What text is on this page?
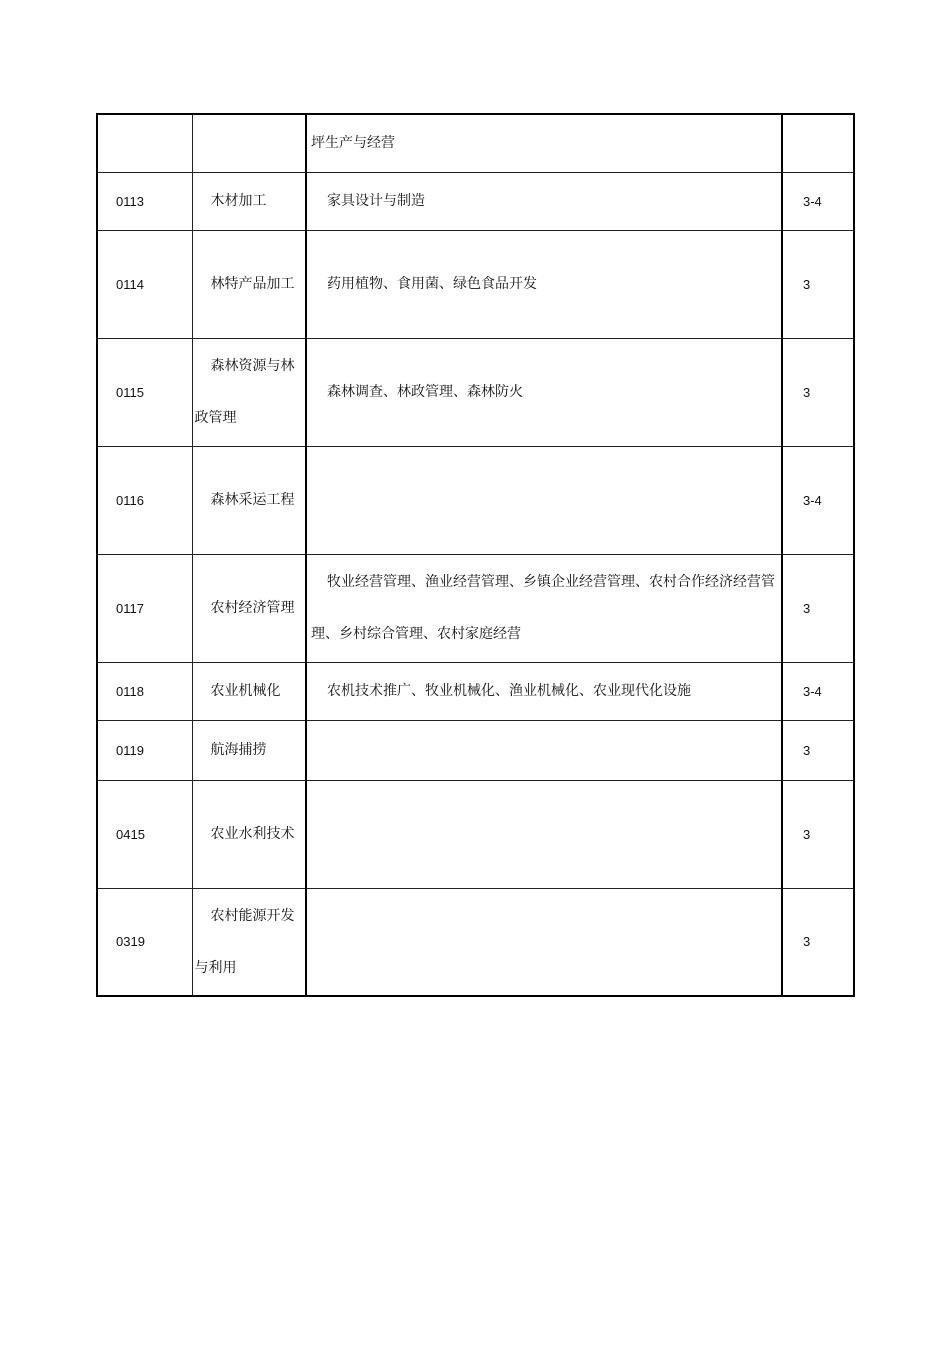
		坪生产与经营	

0113	木材加工	家具设计与制造	3-4
0114	林特产品加工	药用植物、食用菌、绿色食品开发	3
0115	森林资源与林政管理	森林调查、林政管理、森林防火	3
0116	森林采运工程		3-4
0117	农村经济管理	牧业经营管理、渔业经营管理、乡镇企业经营管理、农村合作经济经营管理、乡村综合管理、农村家庭经营	3
0118	农业机械化	农机技术推广、牧业机械化、渔业机械化、农业现代化设施	3-4
0119	航海捕捞		3
0415	农业水利技术		3
0319	农村能源开发与利用		3
